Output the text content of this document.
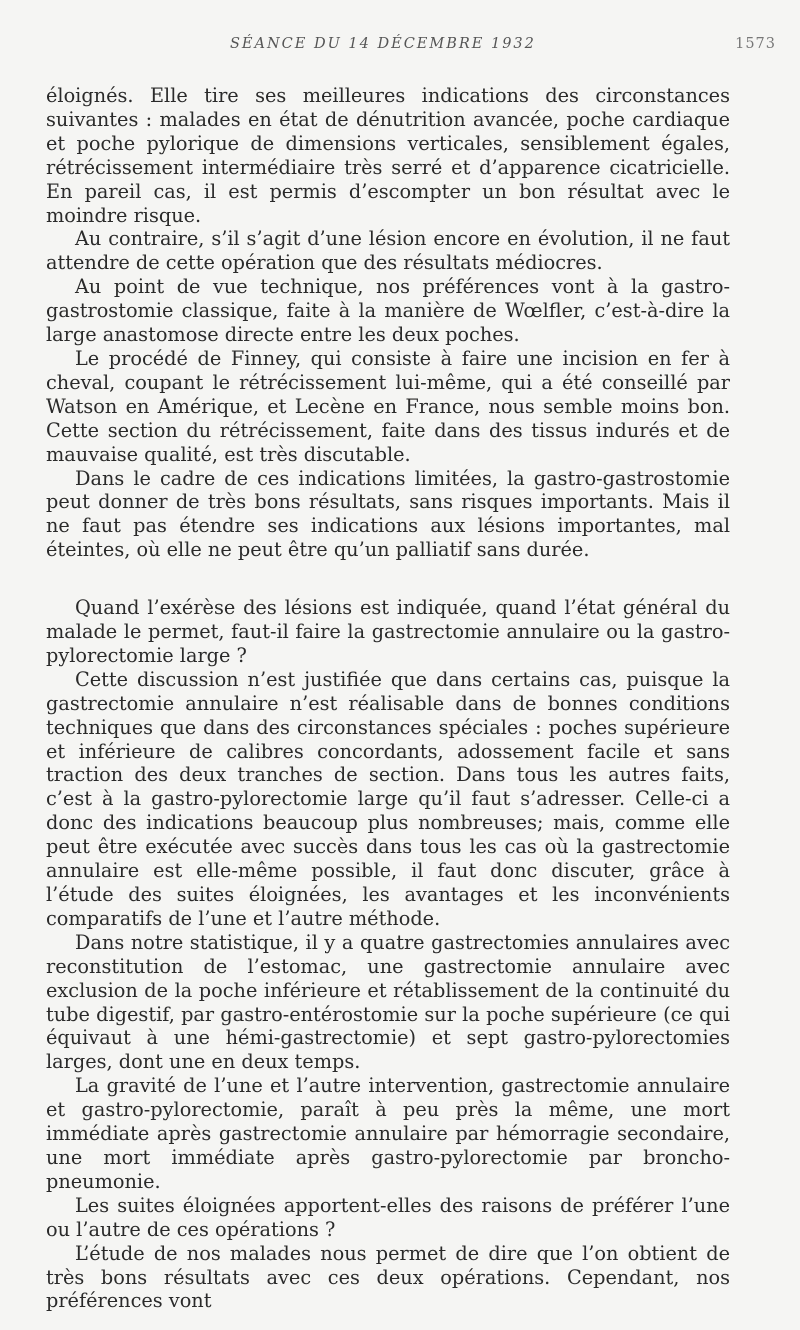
SÉANCE DU 14 DÉCEMBRE 1932	1573

éloignés. Elle tire ses meilleures indications des circonstances suivantes : malades en état de dénutrition avancée, poche cardiaque et poche pylorique de dimensions verticales, sensiblement égales, rétrécissement intermédiaire très serré et d’apparence cicatricielle. En pareil cas, il est permis d’escompter un bon résultat avec le moindre risque.

Au contraire, s’il s’agit d’une lésion encore en évolution, il ne faut attendre de cette opération que des résultats médiocres.

Au point de vue technique, nos préférences vont à la gastro-gastrostomie classique, faite à la manière de Wœlfler, c’est-à-dire la large anastomose directe entre les deux poches.

Le procédé de Finney, qui consiste à faire une incision en fer à cheval, coupant le rétrécissement lui-même, qui a été conseillé par Watson en Amérique, et Lecène en France, nous semble moins bon. Cette section du rétrécissement, faite dans des tissus indurés et de mauvaise qualité, est très discutable.

Dans le cadre de ces indications limitées, la gastro-gastrostomie peut donner de très bons résultats, sans risques importants. Mais il ne faut pas étendre ses indications aux lésions importantes, mal éteintes, où elle ne peut être qu’un palliatif sans durée.

Quand l’exérèse des lésions est indiquée, quand l’état général du malade le permet, faut-il faire la gastrectomie annulaire ou la gastro-pylorectomie large ?

Cette discussion n’est justifiée que dans certains cas, puisque la gastrectomie annulaire n’est réalisable dans de bonnes conditions techniques que dans des circonstances spéciales : poches supérieure et inférieure de calibres concordants, adossement facile et sans traction des deux tranches de section. Dans tous les autres faits, c’est à la gastro-pylorectomie large qu’il faut s’adresser. Celle-ci a donc des indications beaucoup plus nombreuses; mais, comme elle peut être exécutée avec succès dans tous les cas où la gastrectomie annulaire est elle-même possible, il faut donc discuter, grâce à l’étude des suites éloignées, les avantages et les inconvénients comparatifs de l’une et l’autre méthode.

Dans notre statistique, il y a quatre gastrectomies annulaires avec reconstitution de l’estomac, une gastrectomie annulaire avec exclusion de la poche inférieure et rétablissement de la continuité du tube digestif, par gastro-entérostomie sur la poche supérieure (ce qui équivaut à une hémi-gastrectomie) et sept gastro-pylorectomies larges, dont une en deux temps.

La gravité de l’une et l’autre intervention, gastrectomie annulaire et gastro-pylorectomie, paraît à peu près la même, une mort immédiate après gastrectomie annulaire par hémorragie secondaire, une mort immédiate après gastro-pylorectomie par broncho-pneumonie.

Les suites éloignées apportent-elles des raisons de préférer l’une ou l’autre de ces opérations ?

L’étude de nos malades nous permet de dire que l’on obtient de très bons résultats avec ces deux opérations. Cependant, nos préférences vont
